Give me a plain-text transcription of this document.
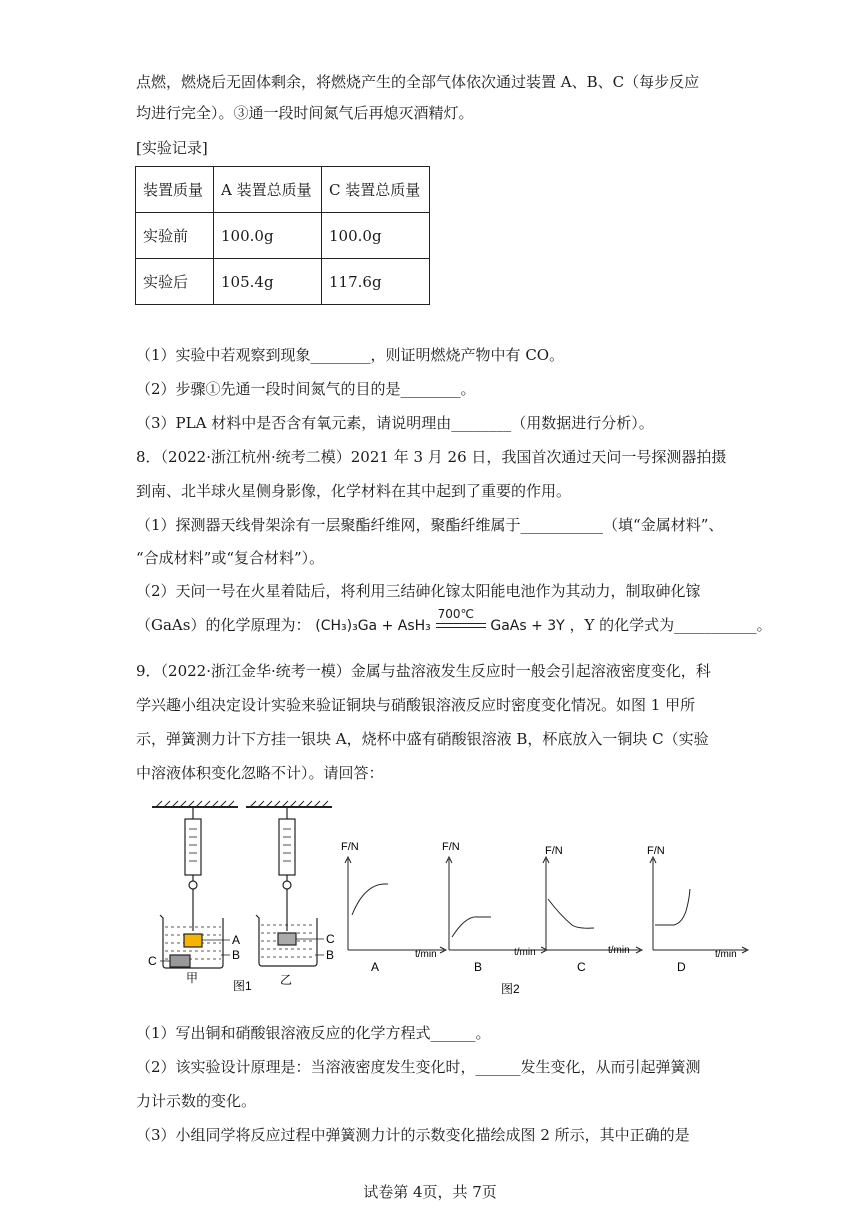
点燃，燃烧后无固体剩余，将燃烧产生的全部气体依次通过装置 A、B、C（每步反应
均进行完全）。③通一段时间氮气后再熄灭酒精灯。
[实验记录]
装置质量	A 装置总质量	C 装置总质量
实验前	100.0g	100.0g
实验后	105.4g	117.6g
（1）实验中若观察到现象________，则证明燃烧产物中有 CO。
（2）步骤①先通一段时间氮气的目的是________。
（3）PLA 材料中是否含有氧元素，请说明理由________（用数据进行分析）。
8．（2022·浙江杭州·统考二模）2021 年 3 月 26 日，我国首次通过天问一号探测器拍摄
到南、北半球火星侧身影像，化学材料在其中起到了重要的作用。
（1）探测器天线骨架涂有一层聚酯纤维网，聚酯纤维属于___________（填“金属材料”、
“合成材料”或“复合材料”）。
（2）天问一号在火星着陆后，将利用三结砷化镓太阳能电池作为其动力，制取砷化镓
（GaAs）的化学原理为： (CH₃)₃Ga + AsH₃
700℃
GaAs + 3Y ，Y 的化学式为___________。
9．（2022·浙江金华·统考一模）金属与盐溶液发生反应时一般会引起溶液密度变化，科
学兴趣小组决定设计实验来验证铜块与硝酸银溶液反应时密度变化情况。如图 1 甲所
示，弹簧测力计下方挂一银块 A，烧杯中盛有硝酸银溶液 B，杯底放入一铜块 C（实验
中溶液体积变化忽略不计）。请回答：
A
B
C
甲
C
B
乙
图1
F/N
t/min
A
F/N
t/min
B
F/N
t/min
C
F/N
t/min
D
图2
（1）写出铜和硝酸银溶液反应的化学方程式______。
（2）该实验设计原理是：当溶液密度发生变化时，______发生变化，从而引起弹簧测
力计示数的变化。
（3）小组同学将反应过程中弹簧测力计的示数变化描绘成图 2 所示，其中正确的是
试卷第 4页，共 7页
